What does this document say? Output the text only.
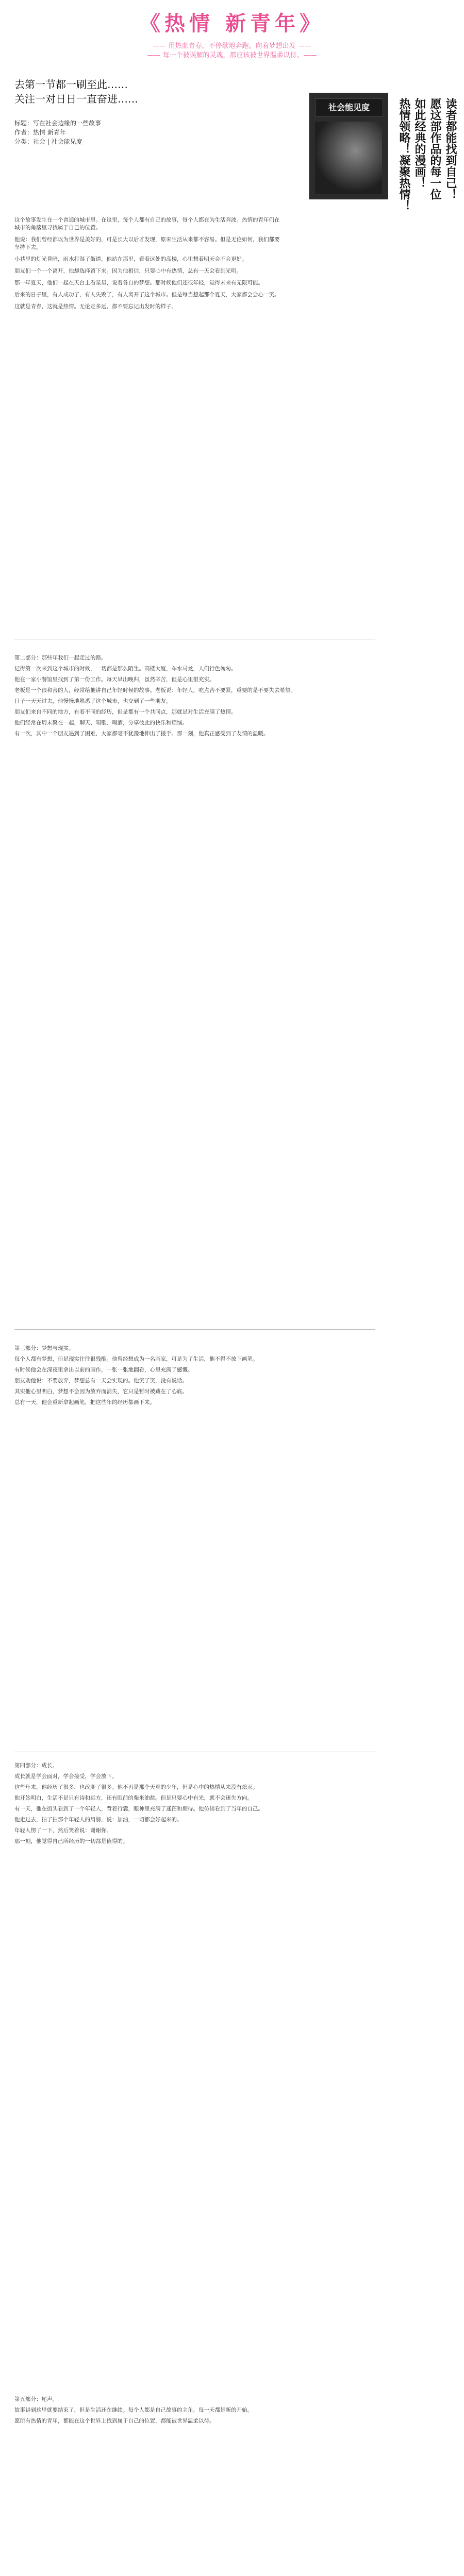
《热情 新青年》
—— 用热血青春，不停歇地奔跑。向着梦想出发 ——
—— 每一个被误解的灵魂，都应该被世界温柔以待。——
去第一节都一刷至此……
关注一对日日一直奋进……
标题：写在社会边缘的一些故事
作者：热情 新青年
分类：社会 | 社会能见度
社会能见度	热情领略！凝聚热情！ 如此经典的漫画！ 愿这部作品的每一位 读者都能找到自己！

这个故事发生在一个普通的城市里。在这里，每个人都有自己的故事，每个人都在为生活奔波。热情的青年们在城市的角落里寻找属于自己的位置。

他说：我们曾经都以为世界是美好的，可是长大以后才发现，原来生活从来都不容易。但是无论如何，我们都要坚持下去。

小巷里的灯光昏暗，雨水打湿了街道。他站在那里，看着远处的高楼，心里想着明天会不会更好。

朋友们一个一个离开，他却选择留下来。因为他相信，只要心中有热情，总有一天会看到光明。

那一年夏天，他们一起在天台上看星星，说着各自的梦想。那时候他们还很年轻，觉得未来有无限可能。

后来的日子里，有人成功了，有人失败了，有人离开了这个城市。但是每当想起那个夏天，大家都会会心一笑。

这就是青春，这就是热情。无论走多远，都不要忘记出发时的样子。

第二部分：那些年我们一起走过的路。

记得第一次来到这个城市的时候，一切都是那么陌生。高楼大厦，车水马龙，人们行色匆匆。

他在一家小餐馆里找到了第一份工作。每天早出晚归，虽然辛苦，但是心里很充实。

老板是一个很和善的人，经常给他讲自己年轻时候的故事。老板说：年轻人，吃点苦不要紧，重要的是不要失去希望。

日子一天天过去，他慢慢地熟悉了这个城市，也交到了一些朋友。

朋友们来自不同的地方，有着不同的经历，但是都有一个共同点，那就是对生活充满了热情。

他们经常在周末聚在一起，聊天、唱歌、喝酒，分享彼此的快乐和烦恼。

有一次，其中一个朋友遇到了困难，大家都毫不犹豫地伸出了援手。那一刻，他真正感受到了友情的温暖。

第三部分：梦想与现实。

每个人都有梦想，但是现实往往很残酷。他曾经想成为一名画家，可是为了生活，他不得不放下画笔。

有时候他会在深夜里拿出以前的画作，一张一张地翻看，心里充满了感慨。

朋友劝他说：不要放弃，梦想总有一天会实现的。他笑了笑，没有说话。

其实他心里明白，梦想不会因为放弃而消失，它只是暂时被藏在了心底。

总有一天，他会重新拿起画笔，把这些年的经历都画下来。

第四部分：成长。

成长就是学会面对，学会接受，学会放下。

这些年来，他经历了很多，也改变了很多。他不再是那个天真的少年，但是心中的热情从来没有熄灭。

他开始明白，生活不是只有诗和远方，还有眼前的柴米油盐。但是只要心中有光，就不会迷失方向。

有一天，他在街头看到了一个年轻人，背着行囊，眼神里充满了迷茫和期待。他仿佛看到了当年的自己。

他走过去，拍了拍那个年轻人的肩膀，说：加油，一切都会好起来的。

年轻人愣了一下，然后笑着说：谢谢你。

那一刻，他觉得自己所经历的一切都是值得的。

第五部分：尾声。

故事讲到这里就要结束了，但是生活还在继续。每个人都是自己故事的主角，每一天都是新的开始。

愿所有热情的青年，都能在这个世界上找到属于自己的位置，都能被世界温柔以待。
